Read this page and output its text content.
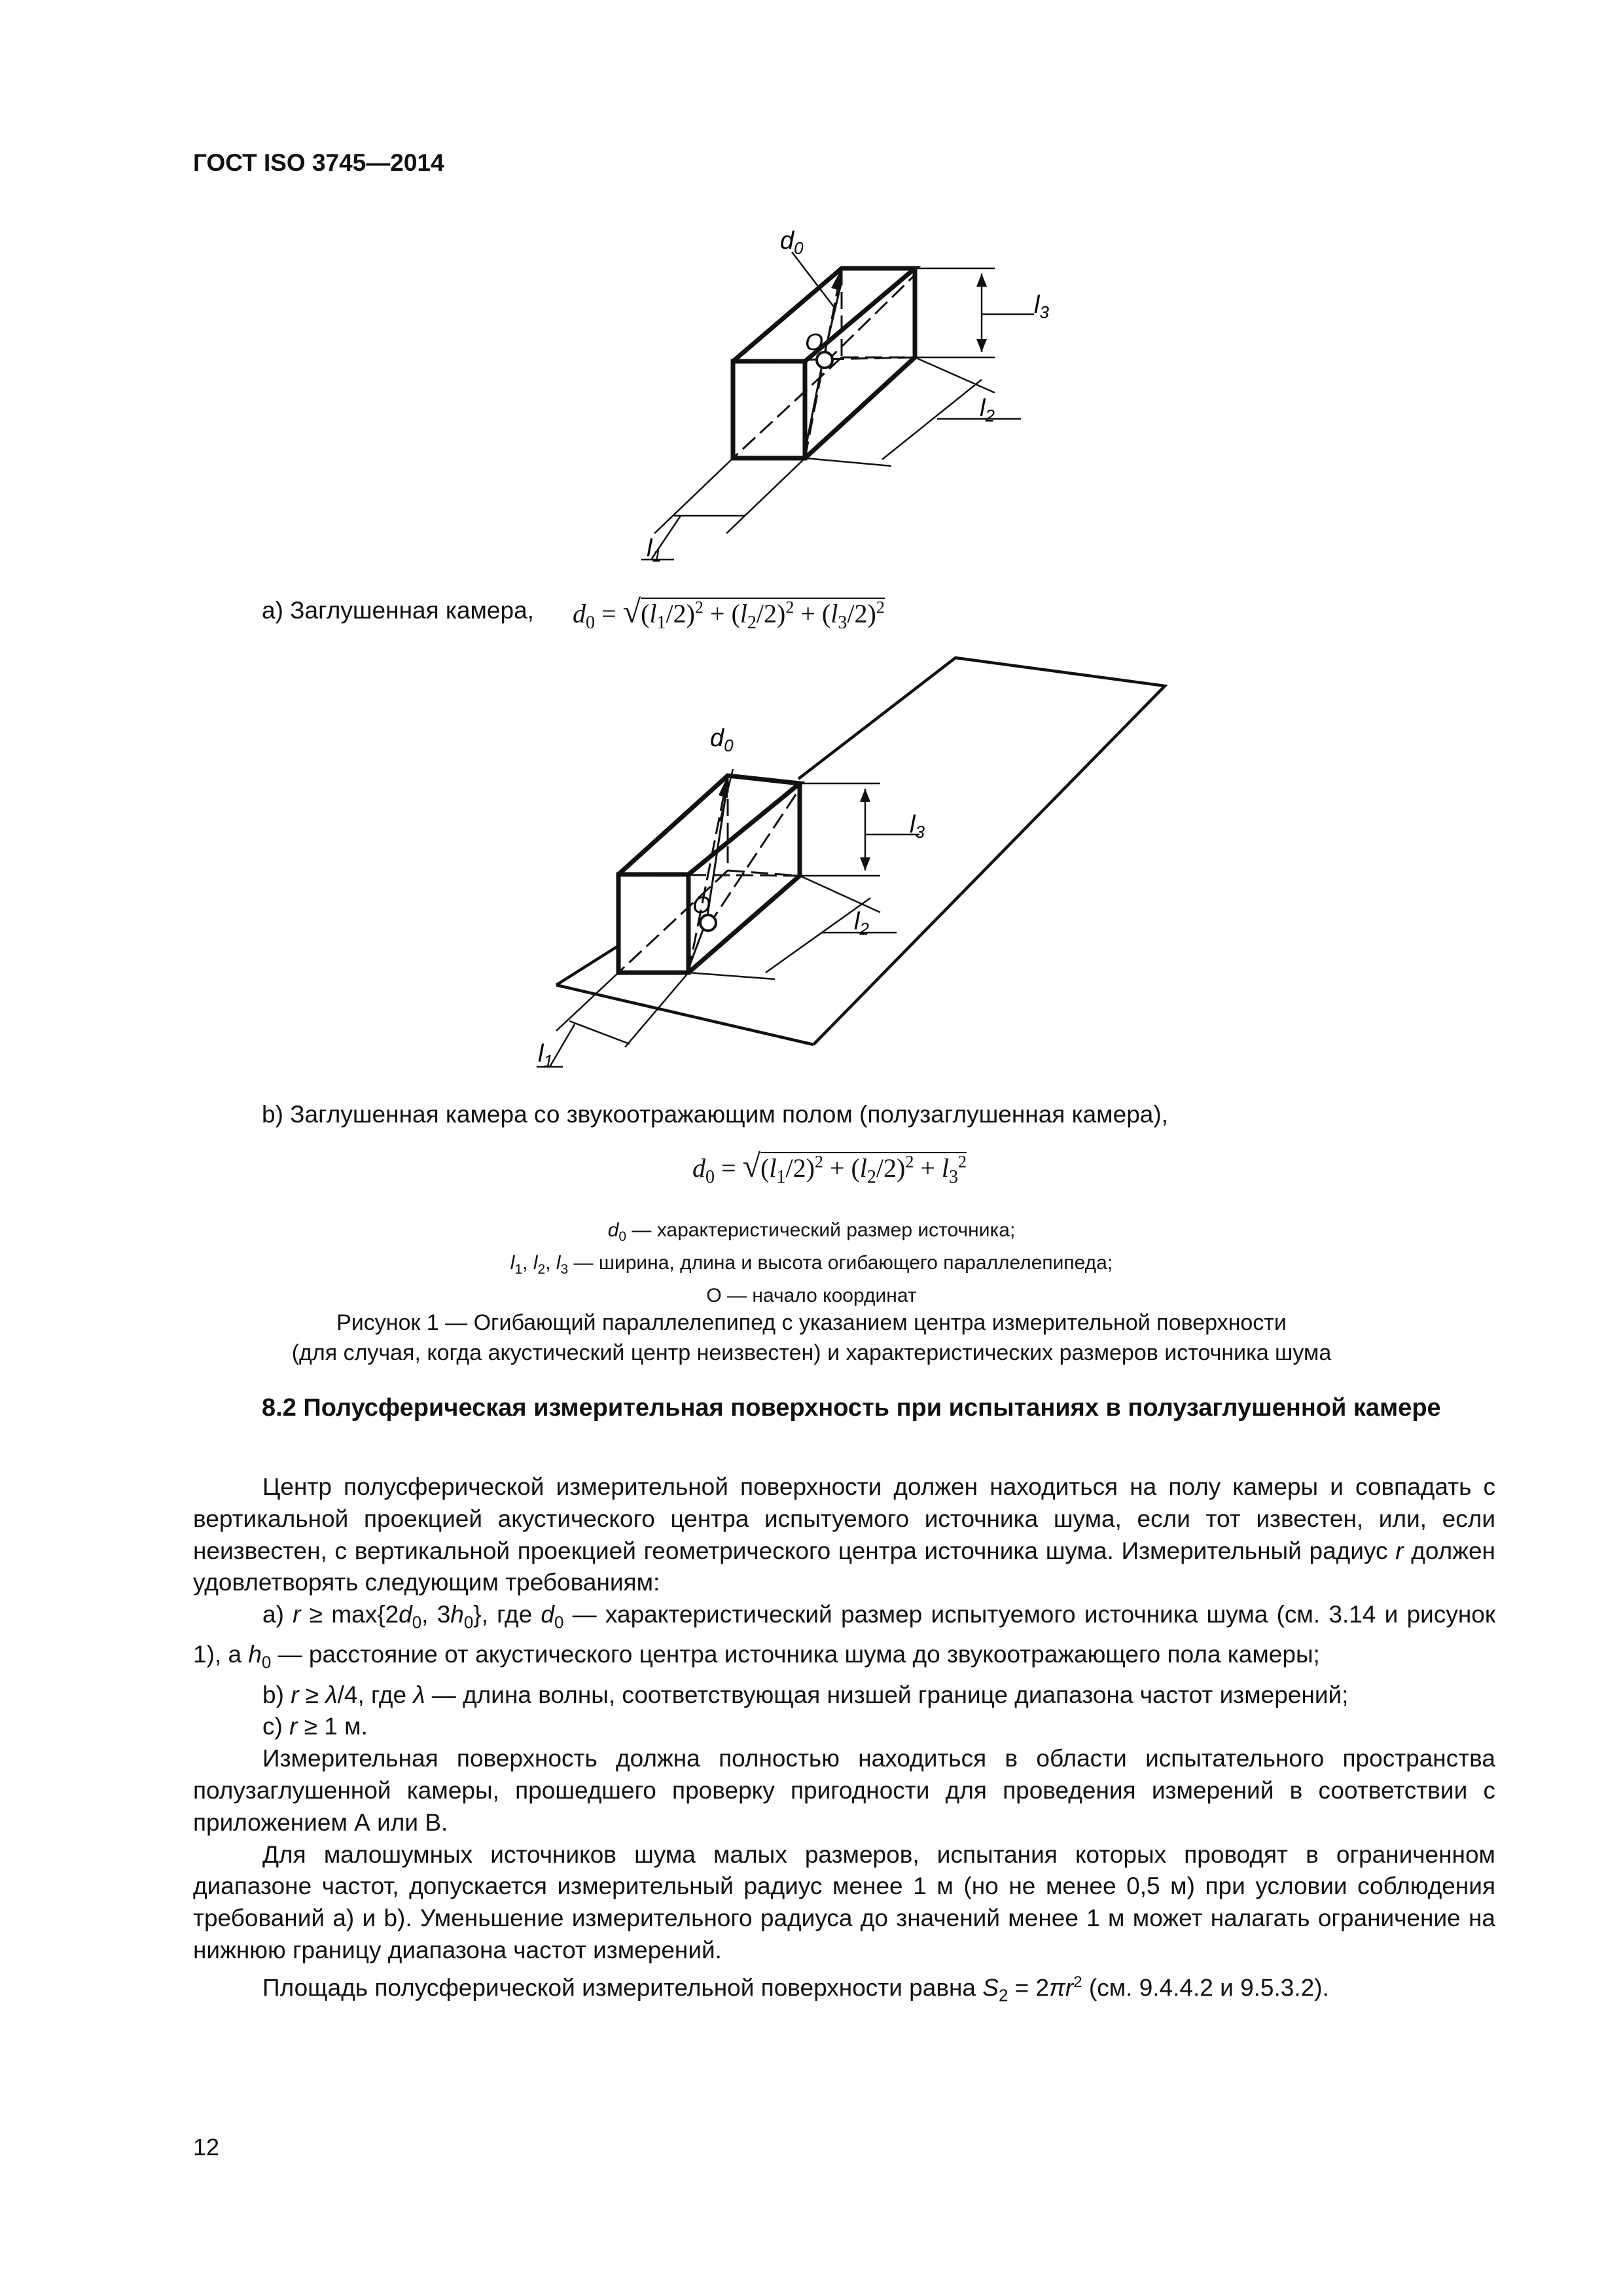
ГОСТ ISO 3745—2014
$d_0$
$l_3$
$l_2$
$l_1$
O
а) Заглушенная камера, $d_0 = √(l_1/2)^2 + (l_2/2)^2 + (l_3/2)^2$
$d_0$
$l_3$
$l_2$
$l_1$
O
b) Заглушенная камера со звукоотражающим полом (полузаглушенная камера),
$d_0 = √(l_1/2)^2 + (l_2/2)^2 + l_3^2$
$d_0$ — характеристический размер источника;
$l_1$, $l_2$, $l_3$ — ширина, длина и высота огибающего параллелепипеда;
О — начало координат
Рисунок 1 — Огибающий параллелепипед с указанием центра измерительной поверхности
(для случая, когда акустический центр неизвестен) и характеристических размеров источника шума
8.2 Полусферическая измерительная поверхность при испытаниях в полузаглушенной камере

Центр полусферической измерительной поверхности должен находиться на полу камеры и совпадать с вертикальной проекцией акустического центра испытуемого источника шума, если тот известен, или, если неизвестен, с вертикальной проекцией геометрического центра источника шума. Измерительный радиус r должен удовлетворять следующим требованиям:

а) $r \ge \max\{2d_0$, $3h_0$}, где $d_0$ — характеристический размер испытуемого источника шума (см. 3.14 и рисунок 1), а $h_0$ — расстояние от акустического центра источника шума до звукоотражающего пола камеры;

b) r ≥ λ/4, где λ — длина волны, соответствующая низшей границе диапазона частот измерений;

с) r ≥ 1 м.

Измерительная поверхность должна полностью находиться в области испытательного пространства полузаглушенной камеры, прошедшего проверку пригодности для проведения измерений в соответствии с приложением А или В.

Для малошумных источников шума малых размеров, испытания которых проводят в ограниченном диапазоне частот, допускается измерительный радиус менее 1 м (но не менее 0,5 м) при условии соблюдения требований а) и b). Уменьшение измерительного радиуса до значений менее 1 м может налагать ограничение на нижнюю границу диапазона частот измерений.

Площадь полусферической измерительной поверхности равна $S_2 = 2\pi r^2$ (см. 9.4.4.2 и 9.5.3.2).

12
